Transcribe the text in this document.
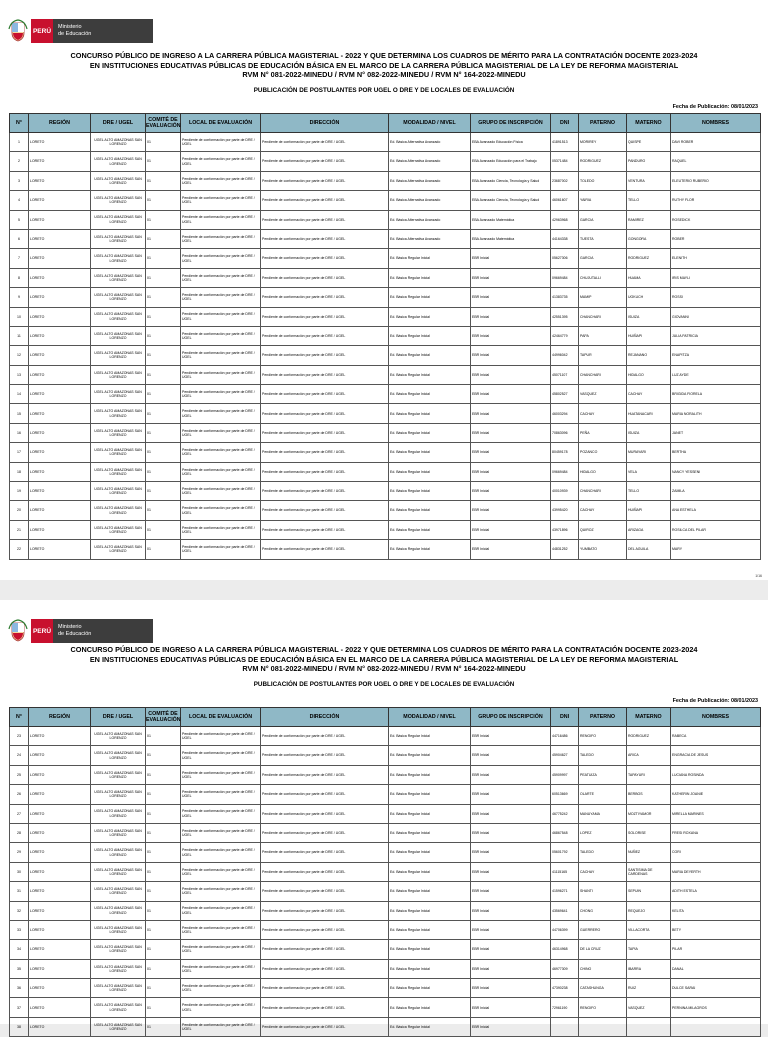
PERÚ
Ministerio
de Educación
CONCURSO PÚBLICO DE INGRESO A LA CARRERA PÚBLICA MAGISTERIAL - 2022 Y QUE DETERMINA LOS CUADROS DE MÉRITO PARA LA CONTRATACIÓN DOCENTE 2023-2024
EN INSTITUCIONES EDUCATIVAS PÚBLICAS DE EDUCACIÓN BÁSICA EN EL MARCO DE LA CARRERA PÚBLICA MAGISTERIAL DE LA LEY DE REFORMA MAGISTERIAL
RVM N° 081-2022-MINEDU / RVM N° 082-2022-MINEDU / RVM N° 164-2022-MINEDU
PUBLICACIÓN DE POSTULANTES POR UGEL O DRE Y DE LOCALES DE EVALUACIÓN
Fecha de Publicación: 08/01/2023
N°	REGIÓN	DRE / UGEL	COMITÉ DE EVALUACIÓN	LOCAL DE EVALUACIÓN	DIRECCIÓN	MODALIDAD / NIVEL	GRUPO DE INSCRIPCIÓN	DNI	PATERNO	MATERNO	NOMBRES
1	LORETO	UGEL ALTO AMAZONAS SAN LORENZO	01	Pendiente de conformación por parte de DRE / UGEL	Pendiente de conformación por parte de DRE / UGEL	Ed. Básica Alternativa Avanzado	EBA Avanzado Educación Física	41891513	MORIREY	QUISPE	DAVI ROBER
2	LORETO	UGEL ALTO AMAZONAS SAN LORENZO	01	Pendiente de conformación por parte de DRE / UGEL	Pendiente de conformación por parte de DRE / UGEL	Ed. Básica Alternativa Avanzado	EBA Avanzado Educación para el Trabajo	05371484	RODRIGUEZ	PANDURO	RAQUEL
3	LORETO	UGEL ALTO AMAZONAS SAN LORENZO	01	Pendiente de conformación por parte de DRE / UGEL	Pendiente de conformación por parte de DRE / UGEL	Ed. Básica Alternativa Avanzado	EBA Avanzado Ciencia, Tecnología y Salud	23687002	TOLEDO	VENTURA	ELEUTERIO RUBERIO
4	LORETO	UGEL ALTO AMAZONAS SAN LORENZO	01	Pendiente de conformación por parte de DRE / UGEL	Pendiente de conformación por parte de DRE / UGEL	Ed. Básica Alternativa Avanzado	EBA Avanzado Ciencia, Tecnología y Salud	46061607	YAIRIA	TELLO	RUTHY FLOR
5	LORETO	UGEL ALTO AMAZONAS SAN LORENZO	01	Pendiente de conformación por parte de DRE / UGEL	Pendiente de conformación por parte de DRE / UGEL	Ed. Básica Alternativa Avanzado	EBA Avanzado Matemática	42963968	GARCIA	RAMIREZ	ROSEDICK
6	LORETO	UGEL ALTO AMAZONAS SAN LORENZO	01	Pendiente de conformación por parte de DRE / UGEL	Pendiente de conformación por parte de DRE / UGEL	Ed. Básica Alternativa Avanzado	EBA Avanzado Matemática	44164338	TUESTA	GONGORA	ROBER
7	LORETO	UGEL ALTO AMAZONAS SAN LORENZO	01	Pendiente de conformación por parte de DRE / UGEL	Pendiente de conformación por parte de DRE / UGEL	Ed. Básica Regular Inicial	EBR Inicial	05627306	GARCIA	RODRIGUEZ	ELENITH
8	LORETO	UGEL ALTO AMAZONAS SAN LORENZO	01	Pendiente de conformación por parte de DRE / UGEL	Pendiente de conformación por parte de DRE / UGEL	Ed. Básica Regular Inicial	EBR Inicial	09669484	CHUJUTALLI	HUAMA	IRIS MAYLI
9	LORETO	UGEL ALTO AMAZONAS SAN LORENZO	01	Pendiente de conformación por parte de DRE / UGEL	Pendiente de conformación por parte de DRE / UGEL	Ed. Básica Regular Inicial	EBR Inicial	41383735	MAMIP	UGKUCH	ROSSI
10	LORETO	UGEL ALTO AMAZONAS SAN LORENZO	01	Pendiente de conformación por parte de DRE / UGEL	Pendiente de conformación por parte de DRE / UGEL	Ed. Básica Regular Inicial	EBR Inicial	42551395	CHANCHARI	ISUIZA	GIOVANNI
11	LORETO	UGEL ALTO AMAZONAS SAN LORENZO	01	Pendiente de conformación por parte de DRE / UGEL	Pendiente de conformación por parte de DRE / UGEL	Ed. Básica Regular Inicial	EBR Inicial	42464779	PAPA	HUIÑAPI	JULIA PATRICIA
12	LORETO	UGEL ALTO AMAZONAS SAN LORENZO	01	Pendiente de conformación por parte de DRE / UGEL	Pendiente de conformación por parte de DRE / UGEL	Ed. Básica Regular Inicial	EBR Inicial	44996042	TAPUR	REJANANO	ENAPITZA
13	LORETO	UGEL ALTO AMAZONAS SAN LORENZO	01	Pendiente de conformación por parte de DRE / UGEL	Pendiente de conformación por parte de DRE / UGEL	Ed. Básica Regular Inicial	EBR Inicial	45071107	CHANCHARI	HIDALGO	LUZ AYDE
14	LORETO	UGEL ALTO AMAZONAS SAN LORENZO	01	Pendiente de conformación por parte de DRE / UGEL	Pendiente de conformación por parte de DRE / UGEL	Ed. Básica Regular Inicial	EBR Inicial	45802527	VASQUEZ	CACHAY	BRIGIDA FIORELA
15	LORETO	UGEL ALTO AMAZONAS SAN LORENZO	01	Pendiente de conformación por parte de DRE / UGEL	Pendiente de conformación por parte de DRE / UGEL	Ed. Básica Regular Inicial	EBR Inicial	46003294	CACHAY	HUATANACARI	MARIA NORALITH
16	LORETO	UGEL ALTO AMAZONAS SAN LORENZO	01	Pendiente de conformación por parte de DRE / UGEL	Pendiente de conformación por parte de DRE / UGEL	Ed. Básica Regular Inicial	EBR Inicial	70863096	PEÑA	ISUIZA	JANET
17	LORETO	UGEL ALTO AMAZONAS SAN LORENZO	01	Pendiente de conformación por parte de DRE / UGEL	Pendiente de conformación por parte de DRE / UGEL	Ed. Básica Regular Inicial	EBR Inicial	80459178	POZANCO	MURAYARI	BERTHA
18	LORETO	UGEL ALTO AMAZONAS SAN LORENZO	01	Pendiente de conformación por parte de DRE / UGEL	Pendiente de conformación por parte de DRE / UGEL	Ed. Básica Regular Inicial	EBR Inicial	09669484	HIDALGO	VELA	NANCY YESSENI
19	LORETO	UGEL ALTO AMAZONAS SAN LORENZO	01	Pendiente de conformación por parte de DRE / UGEL	Pendiente de conformación por parte de DRE / UGEL	Ed. Básica Regular Inicial	EBR Inicial	40010939	CHANCHARI	TELLO	ZAMILA
20	LORETO	UGEL ALTO AMAZONAS SAN LORENZO	01	Pendiente de conformación por parte de DRE / UGEL	Pendiente de conformación por parte de DRE / UGEL	Ed. Básica Regular Inicial	EBR Inicial	43995420	CACHAY	HUIÑAPI	ANA ESTHELA
21	LORETO	UGEL ALTO AMAZONAS SAN LORENZO	01	Pendiente de conformación por parte de DRE / UGEL	Pendiente de conformación por parte de DRE / UGEL	Ed. Básica Regular Inicial	EBR Inicial	43971896	QUIROZ	ARIZAGA	ROSILCA DEL PILAR
22	LORETO	UGEL ALTO AMAZONAS SAN LORENZO	01	Pendiente de conformación por parte de DRE / UGEL	Pendiente de conformación por parte de DRE / UGEL	Ed. Básica Regular Inicial	EBR Inicial	44831252	YUMBATO	DEL AGUILA	MARY
1/16
PERÚ
Ministerio
de Educación
CONCURSO PÚBLICO DE INGRESO A LA CARRERA PÚBLICA MAGISTERIAL - 2022 Y QUE DETERMINA LOS CUADROS DE MÉRITO PARA LA CONTRATACIÓN DOCENTE 2023-2024
EN INSTITUCIONES EDUCATIVAS PÚBLICAS DE EDUCACIÓN BÁSICA EN EL MARCO DE LA CARRERA PÚBLICA MAGISTERIAL DE LA LEY DE REFORMA MAGISTERIAL
RVM N° 081-2022-MINEDU / RVM N° 082-2022-MINEDU / RVM N° 164-2022-MINEDU
PUBLICACIÓN DE POSTULANTES POR UGEL O DRE Y DE LOCALES DE EVALUACIÓN
Fecha de Publicación: 08/01/2023
N°	REGIÓN	DRE / UGEL	COMITÉ DE EVALUACIÓN	LOCAL DE EVALUACIÓN	DIRECCIÓN	MODALIDAD / NIVEL	GRUPO DE INSCRIPCIÓN	DNI	PATERNO	MATERNO	NOMBRES
23	LORETO	UGEL ALTO AMAZONAS SAN LORENZO	01	Pendiente de conformación por parte de DRE / UGEL	Pendiente de conformación por parte de DRE / UGEL	Ed. Básica Regular Inicial	EBR Inicial	44716486	RENGIFO	RODRIGUEZ	RABECA
24	LORETO	UGEL ALTO AMAZONAS SAN LORENZO	01	Pendiente de conformación por parte de DRE / UGEL	Pendiente de conformación por parte de DRE / UGEL	Ed. Básica Regular Inicial	EBR Inicial	45904627	TALEDO	ARICA	ENGRACIA DE JESUS
25	LORETO	UGEL ALTO AMAZONAS SAN LORENZO	01	Pendiente de conformación por parte de DRE / UGEL	Pendiente de conformación por parte de DRE / UGEL	Ed. Básica Regular Inicial	EBR Inicial	45909997	PEATUIZA	TAPAYURI	LUCIANA ROSINDA
26	LORETO	UGEL ALTO AMAZONAS SAN LORENZO	01	Pendiente de conformación por parte de DRE / UGEL	Pendiente de conformación por parte de DRE / UGEL	Ed. Básica Regular Inicial	EBR Inicial	60513669	OLARTE	BERBOS	KATHERIN JOANIE
27	LORETO	UGEL ALTO AMAZONAS SAN LORENZO	01	Pendiente de conformación por parte de DRE / UGEL	Pendiente de conformación por parte de DRE / UGEL	Ed. Básica Regular Inicial	EBR Inicial	46775242	MANUYAMA	MOZTIYAMOR	MIRELLA MARINES
28	LORETO	UGEL ALTO AMAZONAS SAN LORENZO	01	Pendiente de conformación por parte de DRE / UGEL	Pendiente de conformación por parte de DRE / UGEL	Ed. Básica Regular Inicial	EBR Inicial	46867548	LOPEZ	SOLORISE	FRESI ROXANA
29	LORETO	UGEL ALTO AMAZONAS SAN LORENZO	01	Pendiente de conformación por parte de DRE / UGEL	Pendiente de conformación por parte de DRE / UGEL	Ed. Básica Regular Inicial	EBR Inicial	05601792	TALEDO	NUÑEZ	CORI
30	LORETO	UGEL ALTO AMAZONAS SAN LORENZO	01	Pendiente de conformación por parte de DRE / UGEL	Pendiente de conformación por parte de DRE / UGEL	Ed. Básica Regular Inicial	EBR Inicial	41115165	CACHAY	SANTISIMA DE CARDENAS	MARIA DEYERTH
31	LORETO	UGEL ALTO AMAZONAS SAN LORENZO	01	Pendiente de conformación por parte de DRE / UGEL	Pendiente de conformación por parte de DRE / UGEL	Ed. Básica Regular Inicial	EBR Inicial	41596271	SHANTI	SEPUIN	ADITH ESTELA
32	LORETO	UGEL ALTO AMAZONAS SAN LORENZO	01	Pendiente de conformación por parte de DRE / UGEL	Pendiente de conformación por parte de DRE / UGEL	Ed. Básica Regular Inicial	EBR Inicial	43569641	CHONG	REQUEJO	KELITA
33	LORETO	UGEL ALTO AMAZONAS SAN LORENZO	01	Pendiente de conformación por parte de DRE / UGEL	Pendiente de conformación por parte de DRE / UGEL	Ed. Básica Regular Inicial	EBR Inicial	44706399	GUERRERO	VILLACORTA	BETY
34	LORETO	UGEL ALTO AMAZONAS SAN LORENZO	01	Pendiente de conformación por parte de DRE / UGEL	Pendiente de conformación por parte de DRE / UGEL	Ed. Básica Regular Inicial	EBR Inicial	46314968	DE LA CRUZ	TAPIA	PILAR
35	LORETO	UGEL ALTO AMAZONAS SAN LORENZO	01	Pendiente de conformación por parte de DRE / UGEL	Pendiente de conformación por parte de DRE / UGEL	Ed. Básica Regular Inicial	EBR Inicial	46977309	CHINO	IBARRA	DANAL
36	LORETO	UGEL ALTO AMAZONAS SAN LORENZO	01	Pendiente de conformación por parte de DRE / UGEL	Pendiente de conformación por parte de DRE / UGEL	Ed. Básica Regular Inicial	EBR Inicial	47390238	CATASHUNGA	RUIZ	DULCE SARAI
37	LORETO	UGEL ALTO AMAZONAS SAN LORENZO	01	Pendiente de conformación por parte de DRE / UGEL	Pendiente de conformación por parte de DRE / UGEL	Ed. Básica Regular Inicial	EBR Inicial	72961190	RENGIFO	VASQUEZ	PERNINA MILAGROS
38	LORETO	UGEL ALTO AMAZONAS SAN LORENZO	01	Pendiente de conformación por parte de DRE / UGEL	Pendiente de conformación por parte de DRE / UGEL	Ed. Básica Regular Inicial	EBR Inicial				
